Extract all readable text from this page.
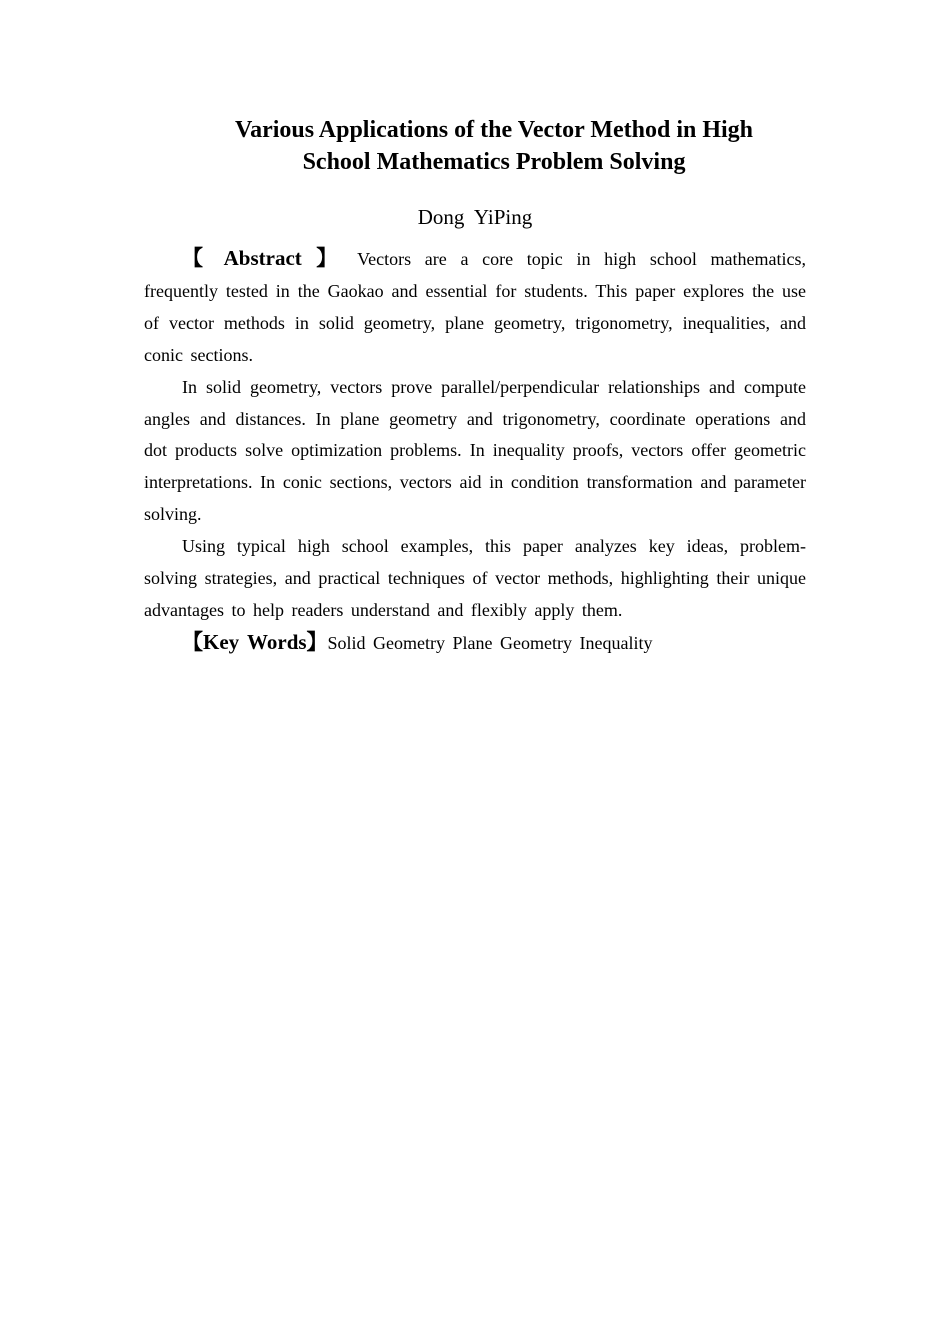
Various Applications of the Vector Method in High
School Mathematics Problem Solving

Dong YiPing

【 Abstract 】 Vectors are a core topic in high school mathematics, frequently tested in the Gaokao and essential for students. This paper explores the use of vector methods in solid geometry, plane geometry, trigonometry, inequalities, and conic sections.

In solid geometry, vectors prove parallel/perpendicular relationships and compute angles and distances. In plane geometry and trigonometry, coordinate operations and dot products solve optimization problems. In inequality proofs, vectors offer geometric interpretations. In conic sections, vectors aid in condition transformation and parameter solving.

Using typical high school examples, this paper analyzes key ideas, problem-solving strategies, and practical techniques of vector methods, highlighting their unique advantages to help readers understand and flexibly apply them.

【Key Words】Solid Geometry Plane Geometry Inequality
